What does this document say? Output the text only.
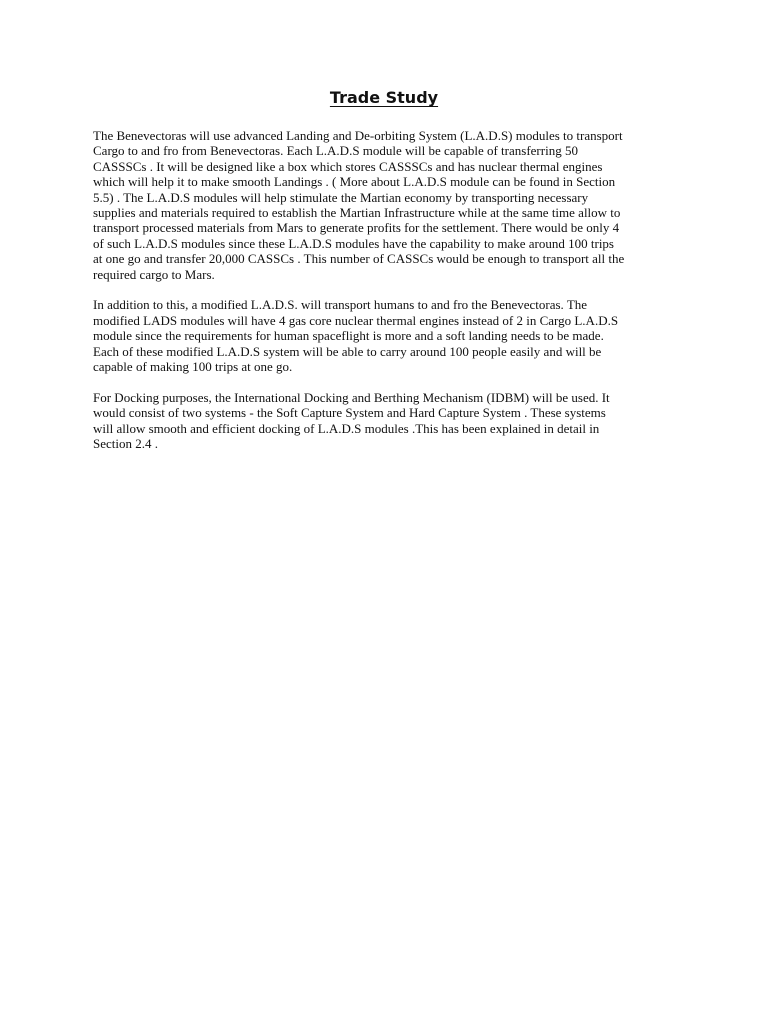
Trade Study

The Benevectoras will use advanced Landing and De-orbiting System (L.A.D.S) modules to transport
Cargo to and fro from Benevectoras. Each L.A.D.S module will be capable of transferring 50
CASSSCs . It will be designed like a box which stores CASSSCs and has nuclear thermal engines
which will help it to make smooth Landings . ( More about L.A.D.S module can be found in Section
5.5) . The L.A.D.S modules will help stimulate the Martian economy by transporting necessary
supplies and materials required to establish the Martian Infrastructure while at the same time allow to
transport processed materials from Mars to generate profits for the settlement. There would be only 4
of such L.A.D.S modules since these L.A.D.S modules have the capability to make around 100 trips
at one go and transfer 20,000 CASSCs . This number of CASSCs would be enough to transport all the
required cargo to Mars.

In addition to this, a modified L.A.D.S. will transport humans to and fro the Benevectoras. The
modified LADS modules will have 4 gas core nuclear thermal engines instead of 2 in Cargo L.A.D.S
module since the requirements for human spaceflight is more and a soft landing needs to be made.
Each of these modified L.A.D.S system will be able to carry around 100 people easily and will be
capable of making 100 trips at one go.

For Docking purposes, the International Docking and Berthing Mechanism (IDBM) will be used. It
would consist of two systems - the Soft Capture System and Hard Capture System . These systems
will allow smooth and efficient docking of L.A.D.S modules .This has been explained in detail in
Section 2.4 .
